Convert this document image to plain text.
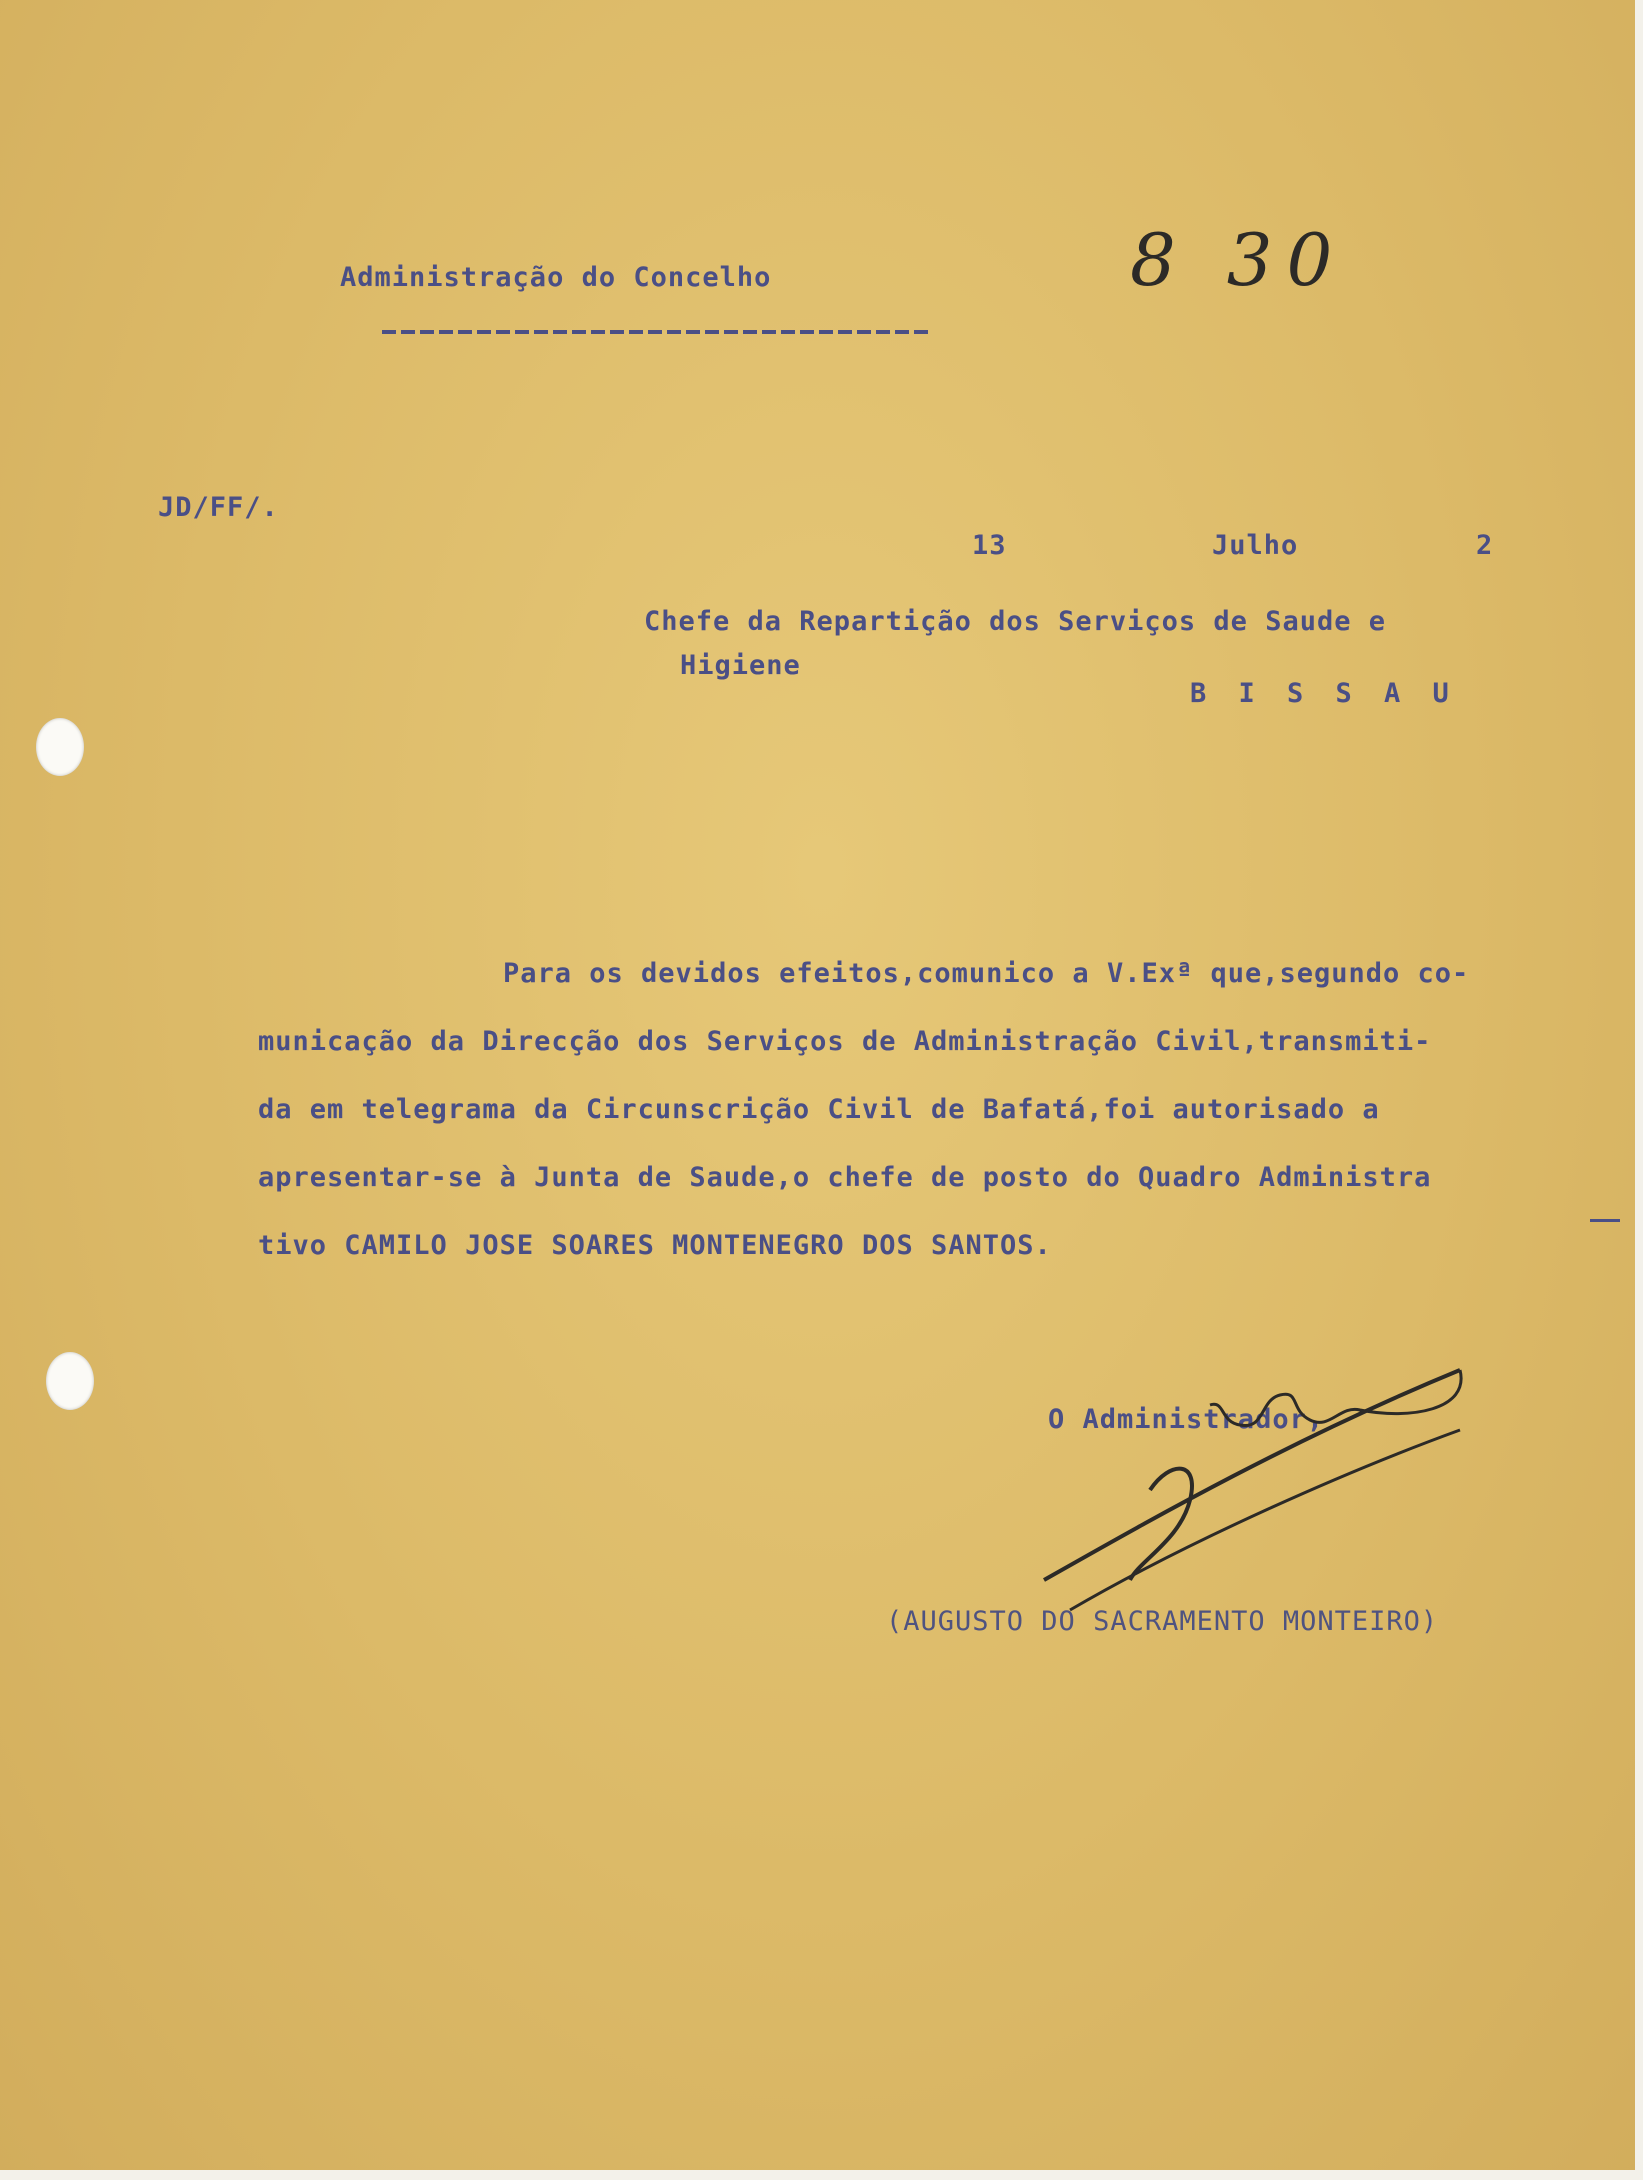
Administração do Concelho	8 30
JD/FF/.
13	Julho	2
Chefe da Repartição dos Serviços de Saude e
Higiene
B I S S A U
Para os devidos efeitos,comunico a V.Exª que,segundo co-
municação da Direcção dos Serviços de Administração Civil,transmiti-
da em telegrama da Circunscrição Civil de Bafatá,foi autorisado a
apresentar-se à Junta de Saude,o chefe de posto do Quadro Administra
tivo CAMILO JOSE SOARES MONTENEGRO DOS SANTOS.
O Administrador,
(AUGUSTO DO SACRAMENTO MONTEIRO)
